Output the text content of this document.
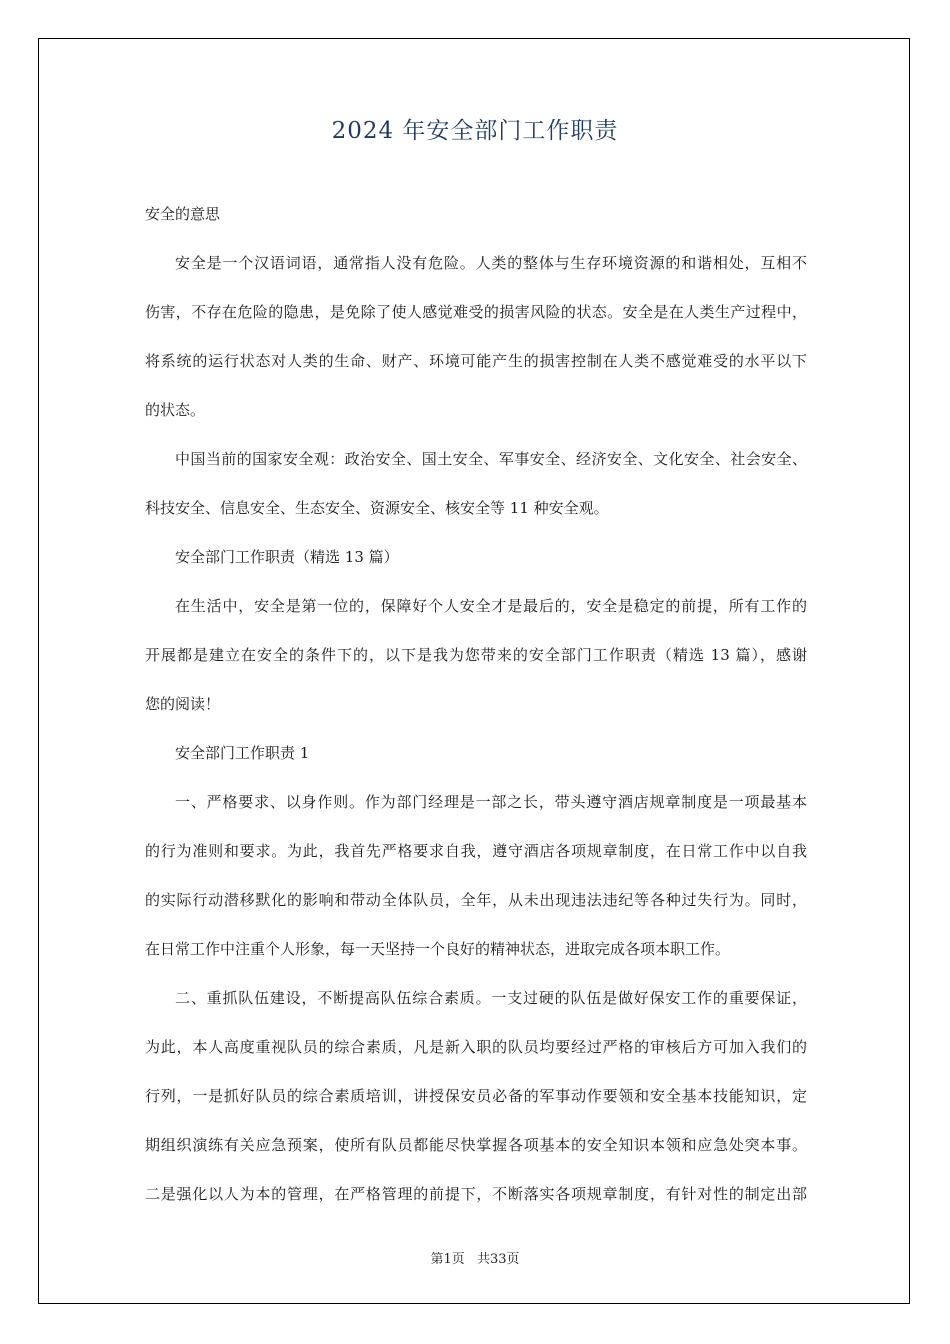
2024 年安全部门工作职责
安全的意思
安全是一个汉语词语，通常指人没有危险。人类的整体与生存环境资源的和谐相处，互相不
伤害，不存在危险的隐患，是免除了使人感觉难受的损害风险的状态。安全是在人类生产过程中，
将系统的运行状态对人类的生命、财产、环境可能产生的损害控制在人类不感觉难受的水平以下
的状态。
中国当前的国家安全观：政治安全、国土安全、军事安全、经济安全、文化安全、社会安全、
科技安全、信息安全、生态安全、资源安全、核安全等 11 种安全观。
安全部门工作职责（精选 13 篇）
在生活中，安全是第一位的，保障好个人安全才是最后的，安全是稳定的前提，所有工作的
开展都是建立在安全的条件下的，以下是我为您带来的安全部门工作职责（精选 13 篇），感谢
您的阅读！
安全部门工作职责 1
一、严格要求、以身作则。作为部门经理是一部之长，带头遵守酒店规章制度是一项最基本
的行为准则和要求。为此，我首先严格要求自我，遵守酒店各项规章制度，在日常工作中以自我
的实际行动潜移默化的影响和带动全体队员，全年，从未出现违法违纪等各种过失行为。同时，
在日常工作中注重个人形象，每一天坚持一个良好的精神状态，进取完成各项本职工作。
二、重抓队伍建设，不断提高队伍综合素质。一支过硬的队伍是做好保安工作的重要保证，
为此，本人高度重视队员的综合素质，凡是新入职的队员均要经过严格的审核后方可加入我们的
行列，一是抓好队员的综合素质培训，讲授保安员必备的军事动作要领和安全基本技能知识，定
期组织演练有关应急预案，使所有队员都能尽快掌握各项基本的安全知识本领和应急处突本事。
二是强化以人为本的管理，在严格管理的前提下，不断落实各项规章制度，有针对性的制定出部
第1页 共33页
